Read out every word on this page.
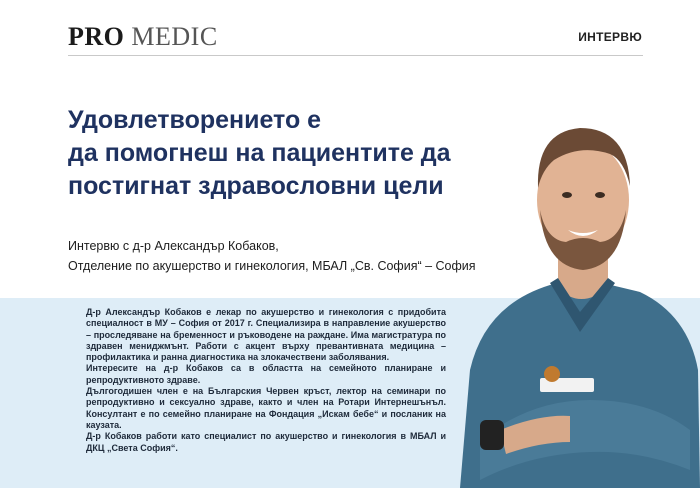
PRO MEDIC	ИНТЕРВЮ
Удовлетворението е
да помогнеш на пациентите да
постигнат здравословни цели
Интервю с д-р Александър Кобаков,
Отделение по акушерство и гинекология, МБАЛ „Св. София“ – София

Д-р Александър Кобаков е лекар по акушерство и гинекология с придобита специалност в МУ – София от 2017 г. Специализира в направление акушерство – проследяване на бременност и ръководене на раждане. Има магистратура по здравен мениджмънт. Работи с акцент върху превантивната медицина – профилактика и ранна диагностика на злокачествени заболявания.

Интересите на д-р Кобаков са в областта на семейното планиране и репродуктивното здраве.

Дългогодишен член е на Българския Червен кръст, лектор на семинари по репродуктивно и сексуално здраве, както и член на Ротари Интернешънъл. Консултант е по семейно планиране на Фондация „Искам бебе“ и посланик на каузата.

Д-р Кобаков работи като специалист по акушерство и гинекология в МБАЛ и ДКЦ „Света София“.
